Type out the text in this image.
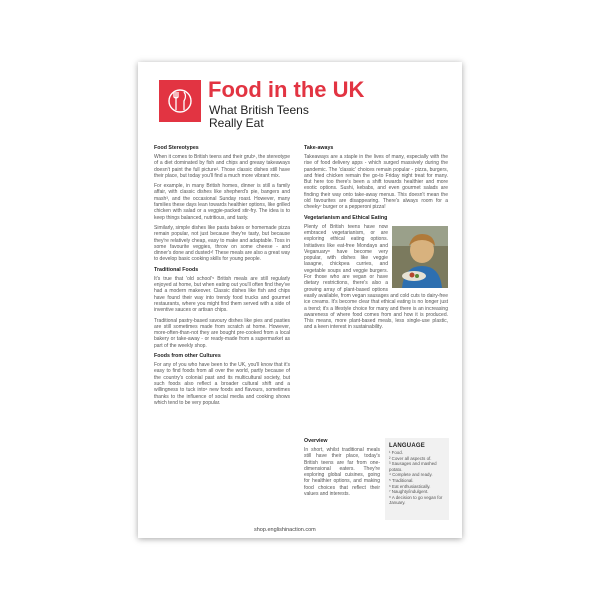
Food in the UK
What British Teens Really Eat
Food Stereotypes

When it comes to British teens and their grub¹, the stereotype of a diet dominated by fish and chips and greasy takeaways doesn't paint the full picture². Those classic dishes still have their place, but today you'll find a much more vibrant mix.

For example, in many British homes, dinner is still a family affair, with classic dishes like shepherd's pie, bangers and mash³, and the occasional Sunday roast. However, many families these days lean towards healthier options, like grilled chicken with salad or a veggie-packed stir-fry. The idea is to keep things balanced, nutritious, and tasty.

Similarly, simple dishes like pasta bakes or homemade pizza remain popular, not just because they're tasty, but because they're relatively cheap, easy to make and adaptable. Toss in some favourite veggies, throw on some cheese - and dinner's done and dusted⁴! These meals are also a great way to develop basic cooking skills for young people.

Traditional Foods

It's true that 'old school'⁵ British meals are still regularly enjoyed at home, but when eating out you'll often find they've had a modern makeover. Classic dishes like fish and chips have found their way into trendy food trucks and gourmet restaurants, where you might find them served with a side of inventive sauces or artisan chips.

Traditional pastry-based savoury dishes like pies and pasties are still sometimes made from scratch at home. However, more-often-than-not they are bought pre-cooked from a local bakery or take-away - or ready-made from a supermarket as part of the weekly shop.

Foods from other Cultures

For any of you who have been to the UK, you'll know that it's easy to find foods from all over the world, partly because of the country's colonial past and its multicultural society, but such foods also reflect a broader cultural shift and a willingness to tuck into⁶ new foods and flavours, sometimes thanks to the influence of social media and cooking shows which tend to be very popular.

Take-aways

Takeaways are a staple in the lives of many, especially with the rise of food delivery apps - which surged massively during the pandemic. The 'classic' choices remain popular - pizza, burgers, and fried chicken remain the go-to Friday night treat for many. But here too there's been a shift towards healthier and more exotic options. Sushi, kebabs, and even gourmet salads are finding their way onto take-away menus. This doesn't mean the old favourites are disappearing. There's always room for a cheeky⁷ burger or a pepperoni pizza!

Vegetarianism and Ethical Eating

Plenty of British teens have now embraced vegetarianism, or are exploring ethical eating options. Initiatives like eat-free Mondays and Veganuary⁸ have become very popular, with dishes like veggie lasagne, chickpea curries, and vegetable soups and veggie burgers. For those who are vegan or have dietary restrictions, there's also a growing array of plant-based options easily available, from vegan sausages and cold cuts to dairy-free ice creams. It's become clear that ethical eating is no longer just a trend; it's a lifestyle choice for many and there is an increasing awareness of where food comes from and how it is produced. This means, more plant-based meals, less single-use plastic, and a keen interest in sustainability.

Overview

In short, whilst traditional meals still have their place, today's British teens are far from one-dimensional eaters. They're exploring global cuisines, going for healthier options, and making food choices that reflect their values and interests.

LANGUAGE
¹ Food.
² Cover all aspects of.
³ Sausages and mashed potato.
⁴ Complete and ready.
⁵ Traditional.
⁶ Eat enthusiastically.
⁷ Naughty/indulgent.
⁸ A decision to go vegan for January.
shop.englishinaction.com
